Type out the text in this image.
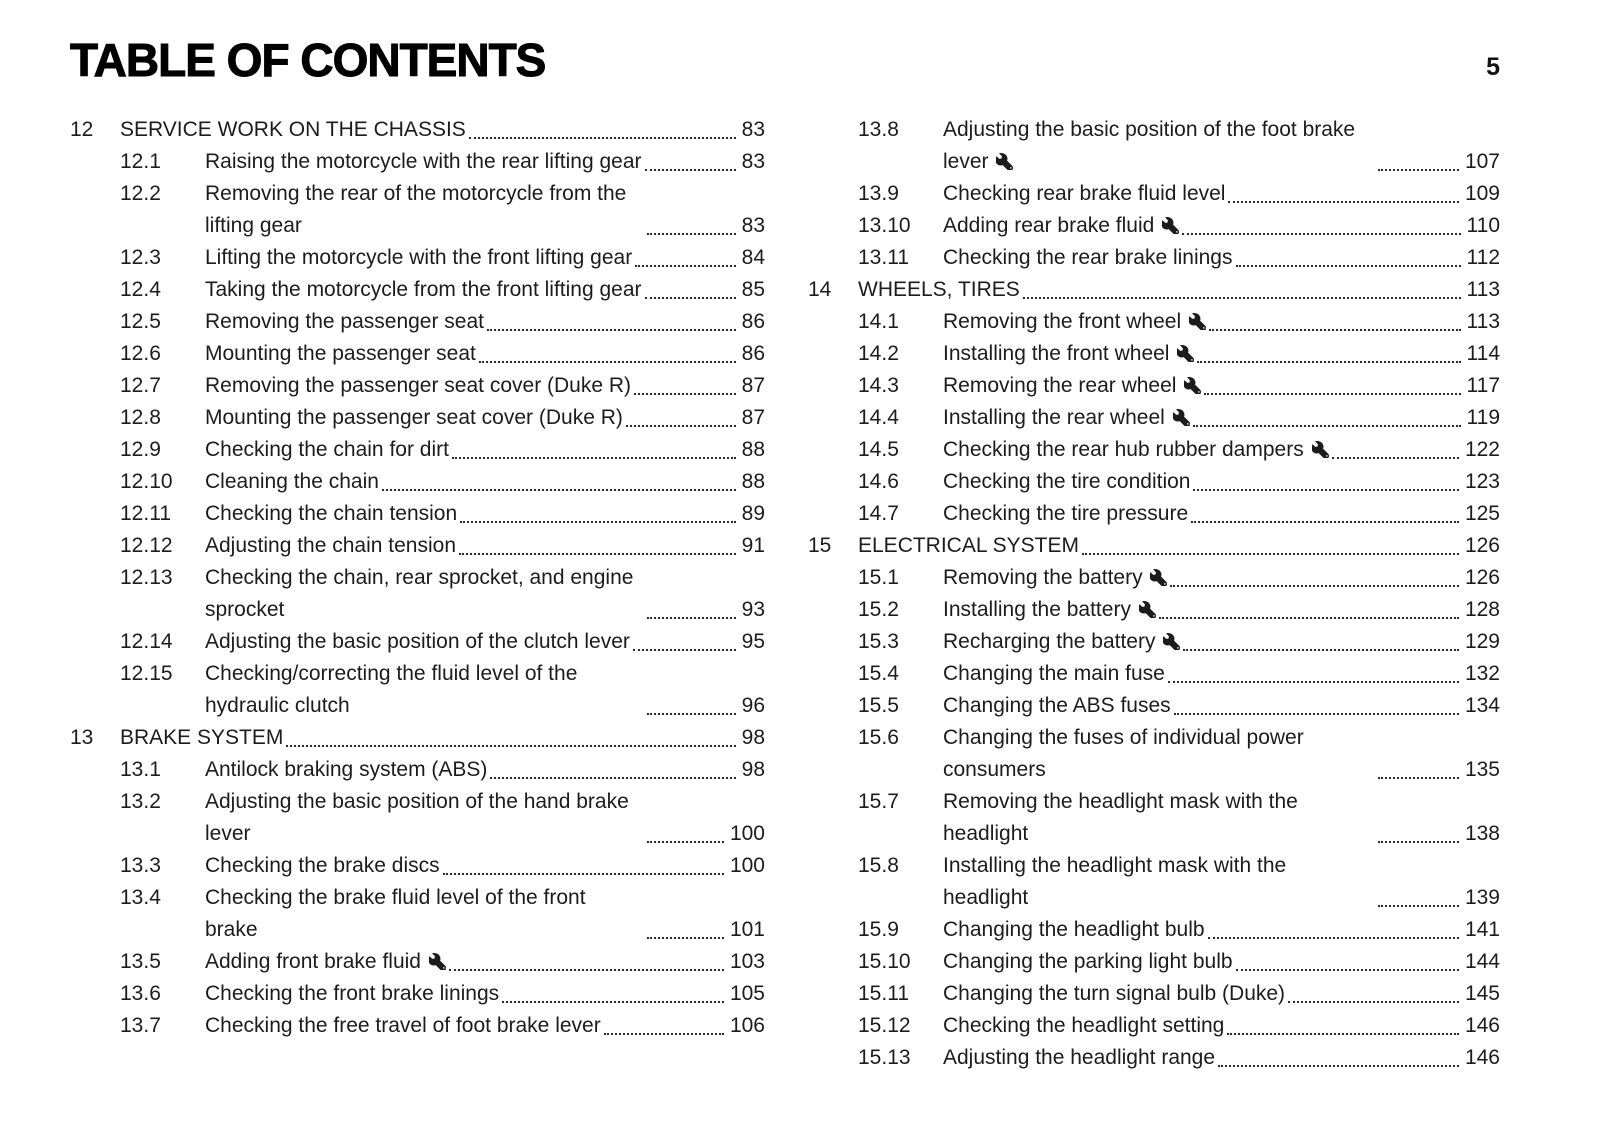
TABLE OF CONTENTS	5
12	SERVICE WORK ON THE CHASSIS	83
12.1	Raising the motorcycle with the rear lifting gear	83
12.2	Removing the rear of the motorcycle from the lifting gear	83
12.3	Lifting the motorcycle with the front lifting gear	84
12.4	Taking the motorcycle from the front lifting gear	85
12.5	Removing the passenger seat	86
12.6	Mounting the passenger seat	86
12.7	Removing the passenger seat cover (Duke R)	87
12.8	Mounting the passenger seat cover (Duke R)	87
12.9	Checking the chain for dirt	88
12.10	Cleaning the chain	88
12.11	Checking the chain tension	89
12.12	Adjusting the chain tension	91
12.13	Checking the chain, rear sprocket, and engine sprocket	93
12.14	Adjusting the basic position of the clutch lever	95
12.15	Checking/correcting the fluid level of the hydraulic clutch	96
13	BRAKE SYSTEM	98
13.1	Antilock braking system (ABS)	98
13.2	Adjusting the basic position of the hand brake lever	100
13.3	Checking the brake discs	100
13.4	Checking the brake fluid level of the front brake	101
13.5	Adding front brake fluid	103
13.6	Checking the front brake linings	105
13.7	Checking the free travel of foot brake lever	106
13.8	Adjusting the basic position of the foot brake lever	107
13.9	Checking rear brake fluid level	109
13.10	Adding rear brake fluid	110
13.11	Checking the rear brake linings	112
14	WHEELS, TIRES	113
14.1	Removing the front wheel	113
14.2	Installing the front wheel	114
14.3	Removing the rear wheel	117
14.4	Installing the rear wheel	119
14.5	Checking the rear hub rubber dampers	122
14.6	Checking the tire condition	123
14.7	Checking the tire pressure	125
15	ELECTRICAL SYSTEM	126
15.1	Removing the battery	126
15.2	Installing the battery	128
15.3	Recharging the battery	129
15.4	Changing the main fuse	132
15.5	Changing the ABS fuses	134
15.6	Changing the fuses of individual power consumers	135
15.7	Removing the headlight mask with the headlight	138
15.8	Installing the headlight mask with the headlight	139
15.9	Changing the headlight bulb	141
15.10	Changing the parking light bulb	144
15.11	Changing the turn signal bulb (Duke)	145
15.12	Checking the headlight setting	146
15.13	Adjusting the headlight range	146
